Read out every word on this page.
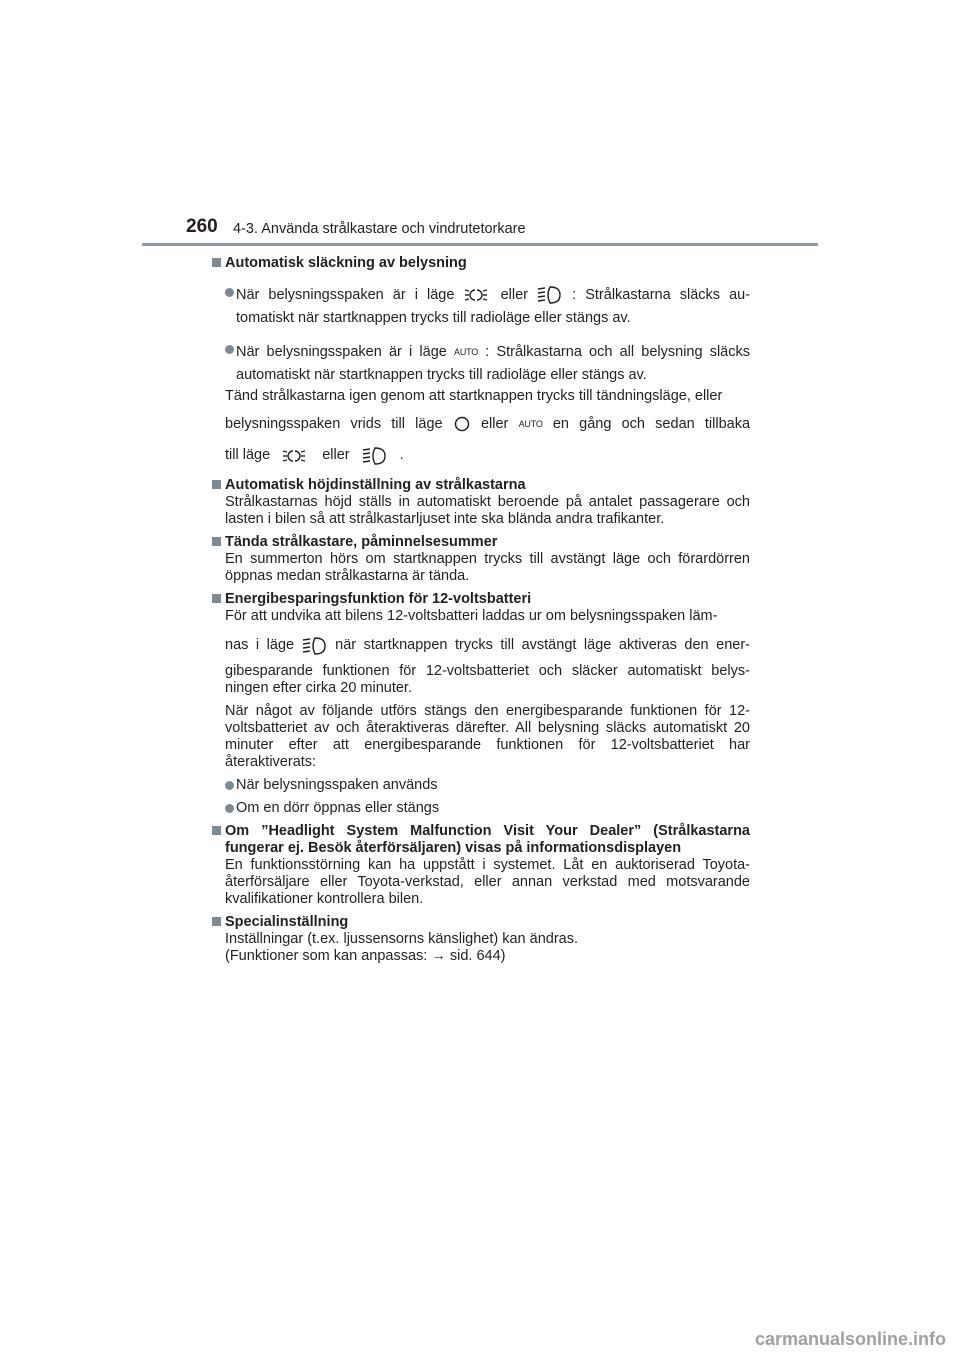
260 4-3. Använda strålkastare och vindrutetorkare
Automatisk släckning av belysning
När belysningsspaken är i läge	eller	: Strålkastarna släcks au-
tomatiskt när startknappen trycks till radioläge eller stängs av.
När belysningsspaken är i läge AUTO : Strålkastarna och all belysning släcks
automatiskt när startknappen trycks till radioläge eller stängs av.
Tänd strålkastarna igen genom att startknappen trycks till tändningsläge, eller
belysningsspaken vrids till läge	eller AUTO en gång och sedan tillbaka
till läge	eller	.
Automatisk höjdinställning av strålkastarna

Strålkastarnas höjd ställs in automatiskt beroende på antalet passagerare och lasten i bilen så att strålkastarljuset inte ska blända andra trafikanter.

Tända strålkastare, påminnelsesummer

En summerton hörs om startknappen trycks till avstängt läge och förardörren öppnas medan strålkastarna är tända.

Energibesparingsfunktion för 12-voltsbatteri
För att undvika att bilens 12-voltsbatteri laddas ur om belysningsspaken läm-
nas i läge	när startknappen trycks till avstängt läge aktiveras den ener-

gibesparande funktionen för 12-voltsbatteriet och släcker automatiskt belys-ningen efter cirka 20 minuter.

När något av följande utförs stängs den energibesparande funktionen för 12-voltsbatteriet av och återaktiveras därefter. All belysning släcks automatiskt 20 minuter efter att energibesparande funktionen för 12-voltsbatteriet har återaktiverats:

När belysningsspaken används
Om en dörr öppnas eller stängs
Om ”Headlight System Malfunction Visit Your Dealer” (Strålkastarna fungerar ej. Besök återförsäljaren) visas på informationsdisplayen

En funktionsstörning kan ha uppstått i systemet. Låt en auktoriserad Toyota-återförsäljare eller Toyota-verkstad, eller annan verkstad med motsvarande kvalifikationer kontrollera bilen.

Specialinställning
Inställningar (t.ex. ljussensorns känslighet) kan ändras.
(Funktioner som kan anpassas: → sid. 644)
carmanualsonline.info
